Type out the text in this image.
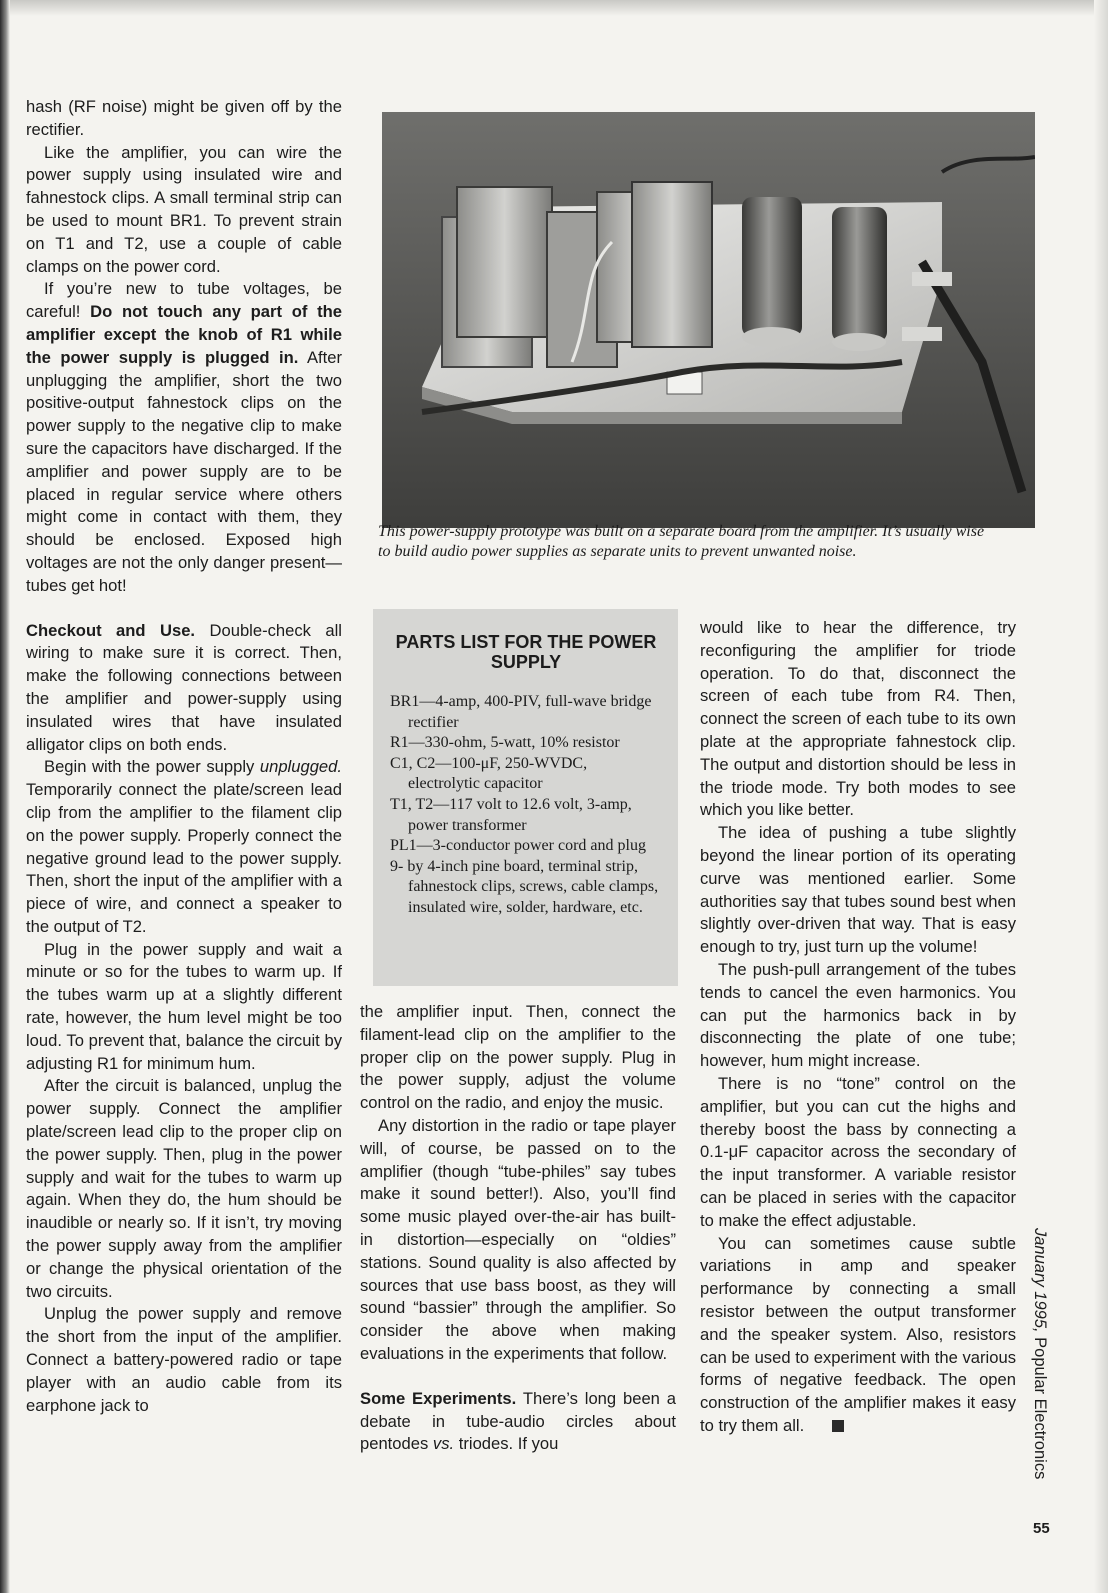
hash (RF noise) might be given off by the rectifier.

Like the amplifier, you can wire the power supply using insulated wire and fahnestock clips. A small terminal strip can be used to mount BR1. To prevent strain on T1 and T2, use a couple of cable clamps on the power cord.

If you’re new to tube voltages, be careful! Do not touch any part of the amplifier except the knob of R1 while the power supply is plugged in. After unplugging the amplifier, short the two positive-output fahnestock clips on the power supply to the negative clip to make sure the capacitors have discharged. If the amplifier and power supply are to be placed in regular service where others might come in contact with them, they should be enclosed. Exposed high voltages are not the only danger present—tubes get hot!

Checkout and Use. Double-check all wiring to make sure it is correct. Then, make the following connections between the amplifier and power-supply using insulated wires that have insulated alligator clips on both ends.

Begin with the power supply unplugged. Temporarily connect the plate/screen lead clip from the amplifier to the filament clip on the power supply. Properly connect the negative ground lead to the power supply. Then, short the input of the amplifier with a piece of wire, and connect a speaker to the output of T2.

Plug in the power supply and wait a minute or so for the tubes to warm up. If the tubes warm up at a slightly different rate, however, the hum level might be too loud. To prevent that, balance the circuit by adjusting R1 for minimum hum.

After the circuit is balanced, unplug the power supply. Connect the amplifier plate/screen lead clip to the proper clip on the power supply. Then, plug in the power supply and wait for the tubes to warm up again. When they do, the hum should be inaudible or nearly so. If it isn’t, try moving the power supply away from the amplifier or change the physical orientation of the two circuits.

Unplug the power supply and remove the short from the input of the amplifier. Connect a battery-powered radio or tape player with an audio cable from its earphone jack to

This power-supply prototype was built on a separate board from the amplifier. It’s usually wise to build audio power supplies as separate units to prevent unwanted noise.
PARTS LIST FOR THE POWER SUPPLY
BR1—4-amp, 400-PIV, full-wave bridge rectifier
R1—330-ohm, 5-watt, 10% resistor
C1, C2—100-μF, 250-WVDC, electrolytic capacitor
T1, T2—117 volt to 12.6 volt, 3-amp, power transformer
PL1—3-conductor power cord and plug
9- by 4-inch pine board, terminal strip, fahnestock clips, screws, cable clamps, insulated wire, solder, hardware, etc.

the amplifier input. Then, connect the filament-lead clip on the amplifier to the proper clip on the power supply. Plug in the power supply, adjust the volume control on the radio, and enjoy the music.

Any distortion in the radio or tape player will, of course, be passed on to the amplifier (though “tube-philes” say tubes make it sound better!). Also, you’ll find some music played over-the-air has built-in distortion—especially on “oldies” stations. Sound quality is also affected by sources that use bass boost, as they will sound “bassier” through the amplifier. So consider the above when making evaluations in the experiments that follow.

Some Experiments. There’s long been a debate in tube-audio circles about pentodes vs. triodes. If you

would like to hear the difference, try reconfiguring the amplifier for triode operation. To do that, disconnect the screen of each tube from R4. Then, connect the screen of each tube to its own plate at the appropriate fahnestock clip. The output and distortion should be less in the triode mode. Try both modes to see which you like better.

The idea of pushing a tube slightly beyond the linear portion of its operating curve was mentioned earlier. Some authorities say that tubes sound best when slightly over-driven that way. That is easy enough to try, just turn up the volume!

The push-pull arrangement of the tubes tends to cancel the even harmonics. You can put the harmonics back in by disconnecting the plate of one tube; however, hum might increase.

There is no “tone” control on the amplifier, but you can cut the highs and thereby boost the bass by connecting a 0.1-μF capacitor across the secondary of the input transformer. A variable resistor can be placed in series with the capacitor to make the effect adjustable.

You can sometimes cause subtle variations in amp and speaker performance by connecting a small resistor between the output transformer and the speaker system. Also, resistors can be used to experiment with the various forms of negative feedback. The open construction of the amplifier makes it easy to try them all.

January 1995, Popular Electronics
55
